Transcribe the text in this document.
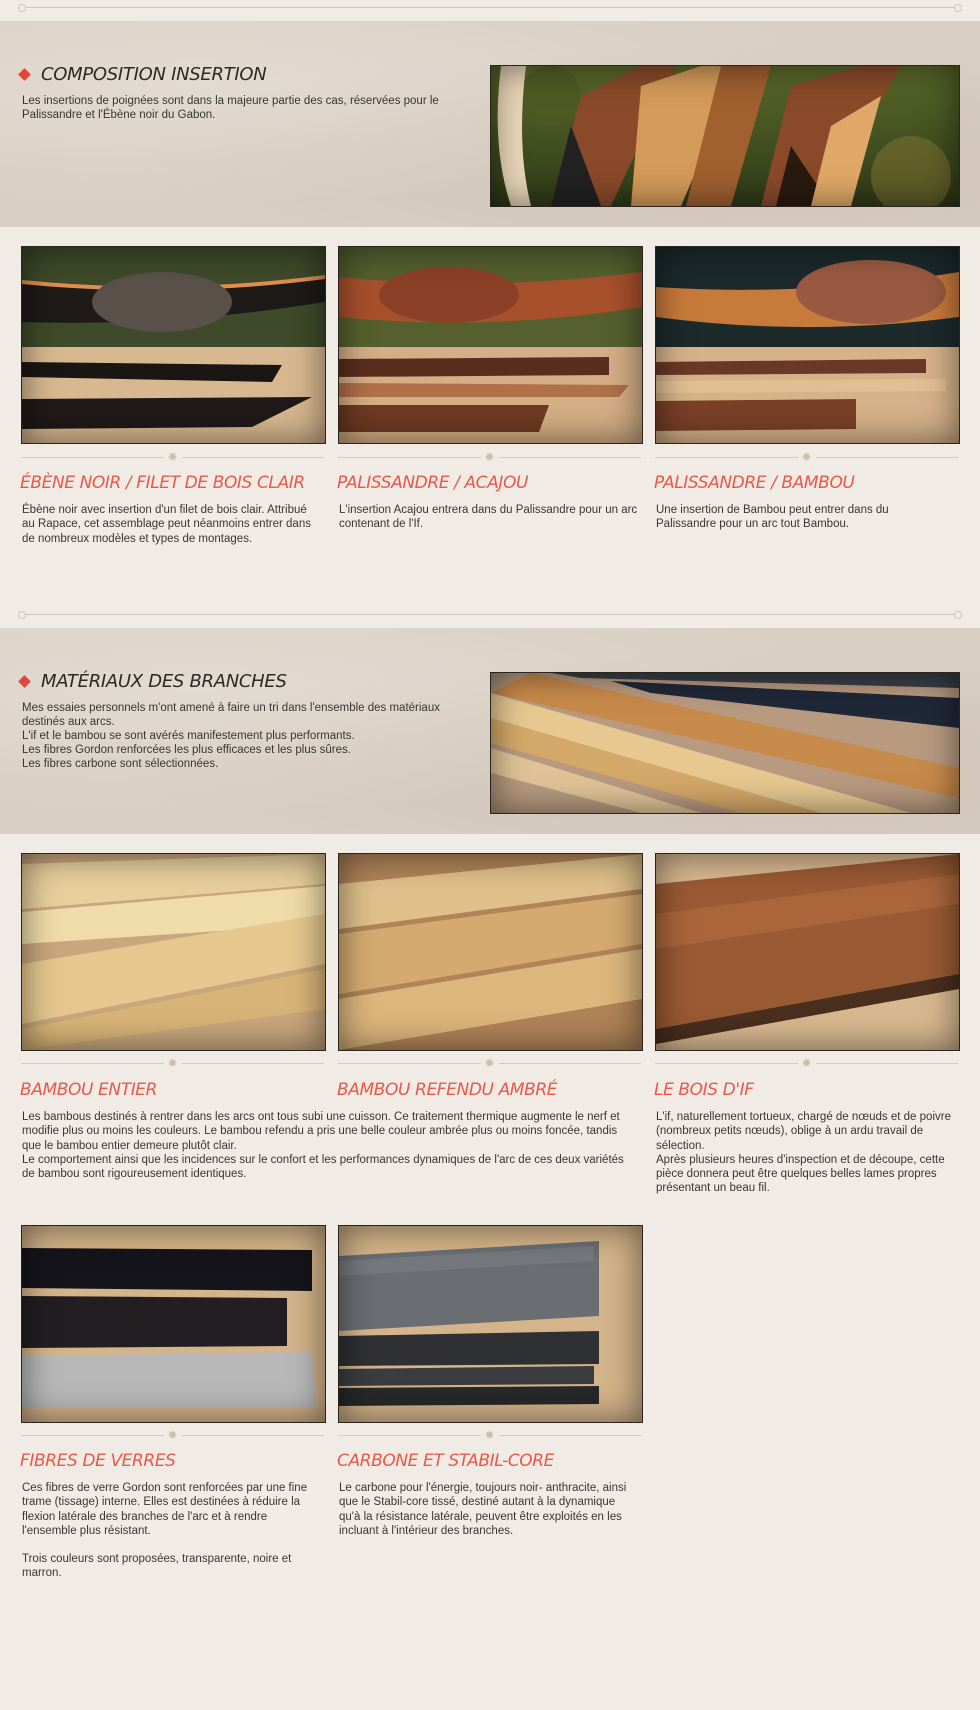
COMPOSITION INSERTION
Les insertions de poignées sont dans la majeure partie des cas, réservées pour le Palissandre et l'Ébène noir du Gabon.
✸	✸	✸
ÉBÈNE NOIR / FILET DE BOIS CLAIR PALISSANDRE / ACAJOU	PALISSANDRE / BAMBOU
Ébène noir avec insertion d'un filet de bois clair. Attribué au Rapace, cet assemblage peut néanmoins entrer dans de nombreux modèles et types de montages.
L'insertion Acajou entrera dans du Palissandre pour un arc contenant de l'If.
Une insertion de Bambou peut entrer dans du Palissandre pour un arc tout Bambou.
MATÉRIAUX DES BRANCHES
Mes essaies personnels m'ont amené à faire un tri dans l'ensemble des matériaux destinés aux arcs.
L'if et le bambou se sont avérés manifestement plus performants.
Les fibres Gordon renforcées les plus efficaces et les plus sûres.
Les fibres carbone sont sélectionnées.
✸	✸	✸
BAMBOU ENTIER	BAMBOU REFENDU AMBRÉ	LE BOIS D'IF
Les bambous destinés à rentrer dans les arcs ont tous subi une cuisson. Ce traitement thermique augmente le nerf et modifie plus ou moins les couleurs. Le bambou refendu a pris une belle couleur ambrée plus ou moins foncée, tandis que le bambou entier demeure plutôt clair.
Le comportement ainsi que les incidences sur le confort et les performances dynamiques de l'arc de ces deux variétés de bambou sont rigoureusement identiques.
L'if, naturellement tortueux, chargé de nœuds et de poivre (nombreux petits nœuds), oblige à un ardu travail de sélection.
Après plusieurs heures d'inspection et de découpe, cette pièce donnera peut être quelques belles lames propres présentant un beau fil.
✸	✸
FIBRES DE VERRES	CARBONE ET STABIL-CORE
Ces fibres de verre Gordon sont renforcées par une fine trame (tissage) interne. Elles est destinées à réduire la flexion latérale des branches de l'arc et à rendre l'ensemble plus résistant.
Trois couleurs sont proposées, transparente, noire et marron.
Le carbone pour l'énergie, toujours noir- anthracite, ainsi que le Stabil-core tissé, destiné autant à la dynamique qu'à la résistance latérale, peuvent être exploités en les incluant à l'intérieur des branches.
